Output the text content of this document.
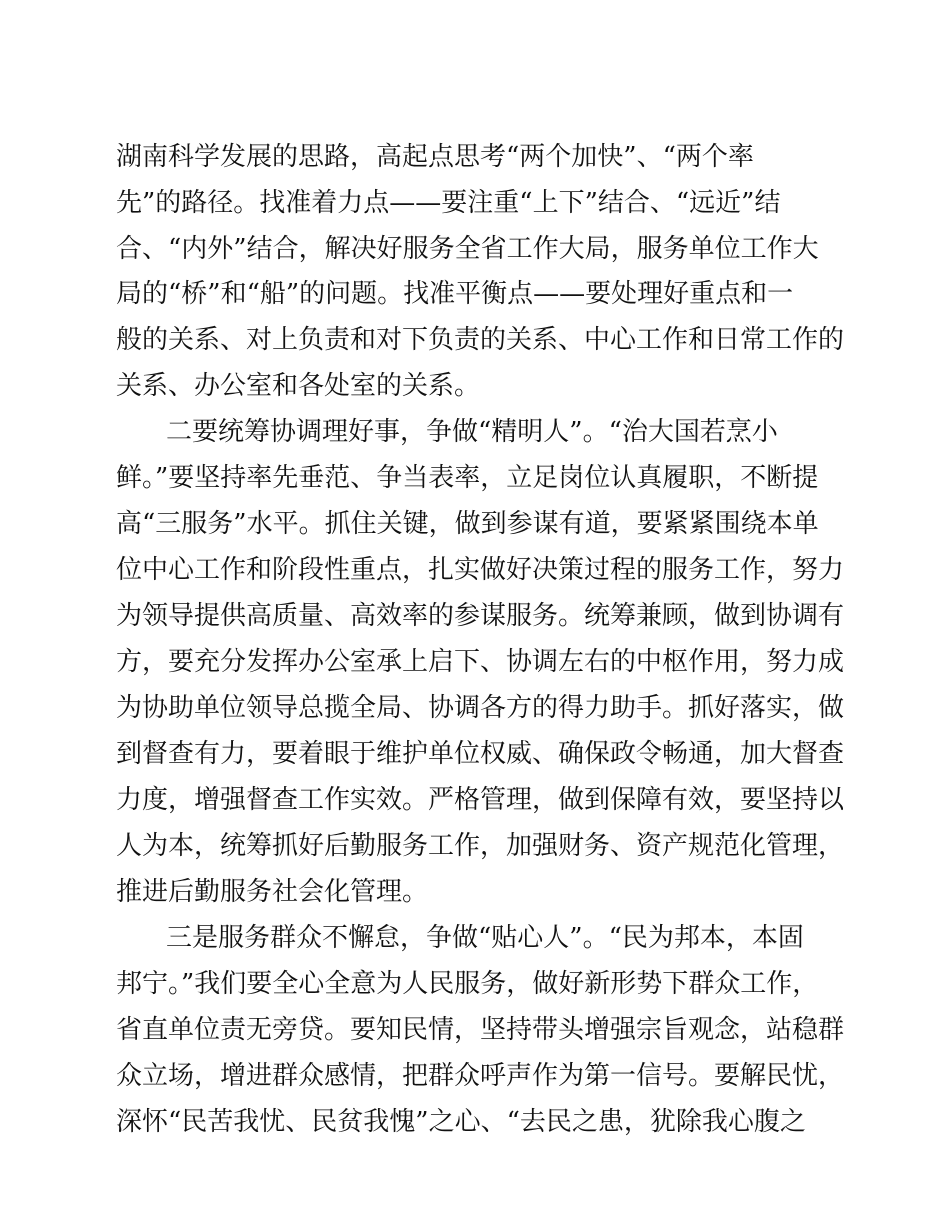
湖南科学发展的思路，高起点思考“两个加快”、“两个率
先”的路径。找准着力点——要注重“上下”结合、“远近”结
合、“内外”结合，解决好服务全省工作大局，服务单位工作大
局的“桥”和“船”的问题。找准平衡点——要处理好重点和一
般的关系、对上负责和对下负责的关系、中心工作和日常工作的
关系、办公室和各处室的关系。
二要统筹协调理好事，争做“精明人”。“治大国若烹小
鲜。”要坚持率先垂范、争当表率，立足岗位认真履职，不断提
高“三服务”水平。抓住关键，做到参谋有道，要紧紧围绕本单
位中心工作和阶段性重点，扎实做好决策过程的服务工作，努力
为领导提供高质量、高效率的参谋服务。统筹兼顾，做到协调有
方，要充分发挥办公室承上启下、协调左右的中枢作用，努力成
为协助单位领导总揽全局、协调各方的得力助手。抓好落实，做
到督查有力，要着眼于维护单位权威、确保政令畅通，加大督查
力度，增强督查工作实效。严格管理，做到保障有效，要坚持以
人为本，统筹抓好后勤服务工作，加强财务、资产规范化管理，
推进后勤服务社会化管理。
三是服务群众不懈怠，争做“贴心人”。“民为邦本，本固
邦宁。”我们要全心全意为人民服务，做好新形势下群众工作，
省直单位责无旁贷。要知民情，坚持带头增强宗旨观念，站稳群
众立场，增进群众感情，把群众呼声作为第一信号。要解民忧，
深怀“民苦我忧、民贫我愧”之心、“去民之患，犹除我心腹之
